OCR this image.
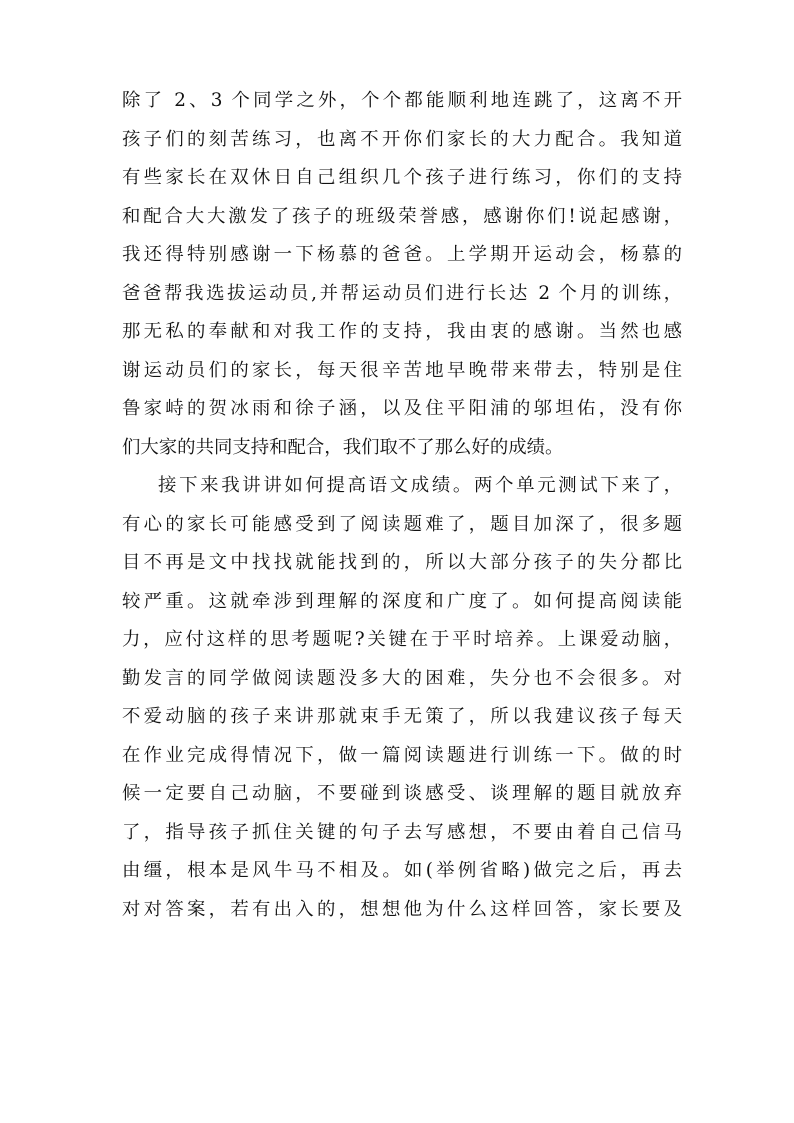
除了 2、3 个同学之外，个个都能顺利地连跳了，这离不开
孩子们的刻苦练习，也离不开你们家长的大力配合。我知道
有些家长在双休日自己组织几个孩子进行练习，你们的支持
和配合大大激发了孩子的班级荣誉感，感谢你们!说起感谢，
我还得特别感谢一下杨慕的爸爸。上学期开运动会，杨慕的
爸爸帮我选拔运动员,并帮运动员们进行长达 2 个月的训练，
那无私的奉献和对我工作的支持，我由衷的感谢。当然也感
谢运动员们的家长，每天很辛苦地早晚带来带去，特别是住
鲁家峙的贺冰雨和徐子涵，以及住平阳浦的邬坦佑，没有你
们大家的共同支持和配合，我们取不了那么好的成绩。
接下来我讲讲如何提高语文成绩。两个单元测试下来了，
有心的家长可能感受到了阅读题难了，题目加深了，很多题
目不再是文中找找就能找到的，所以大部分孩子的失分都比
较严重。这就牵涉到理解的深度和广度了。如何提高阅读能
力，应付这样的思考题呢?关键在于平时培养。上课爱动脑，
勤发言的同学做阅读题没多大的困难，失分也不会很多。对
不爱动脑的孩子来讲那就束手无策了，所以我建议孩子每天
在作业完成得情况下，做一篇阅读题进行训练一下。做的时
候一定要自己动脑，不要碰到谈感受、谈理解的题目就放弃
了，指导孩子抓住关键的句子去写感想，不要由着自己信马
由缰，根本是风牛马不相及。如(举例省略)做完之后，再去
对对答案，若有出入的，想想他为什么这样回答，家长要及
